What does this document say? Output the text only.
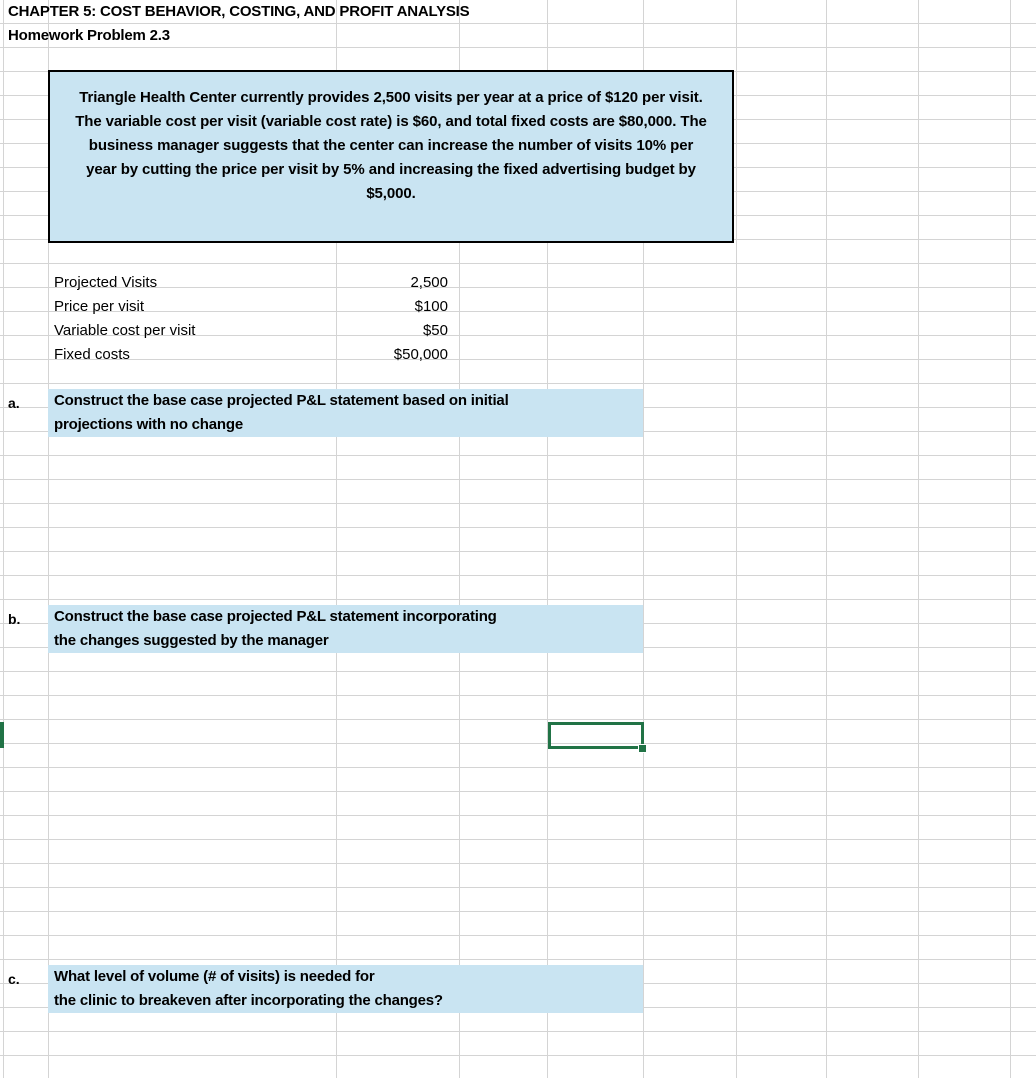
CHAPTER 5: COST BEHAVIOR, COSTING, AND PROFIT ANALYSIS
Homework Problem 2.3
Triangle Health Center currently provides 2,500 visits per year at a price of $120 per visit.
The variable cost per visit (variable cost rate) is $60, and total fixed costs are $80,000. The
business manager suggests that the center can increase the number of visits 10% per
year by cutting the price per visit by 5% and increasing the fixed advertising budget by
$5,000.
Projected Visits	2,500
Price per visit	$100
Variable cost per visit	$50
Fixed costs	$50,000
a. Construct the base case projected P&L statement based on initial
projections with no change
b. Construct the base case projected P&L statement incorporating
the changes suggested by the manager
c. What level of volume (# of visits) is needed for
the clinic to breakeven after incorporating the changes?
